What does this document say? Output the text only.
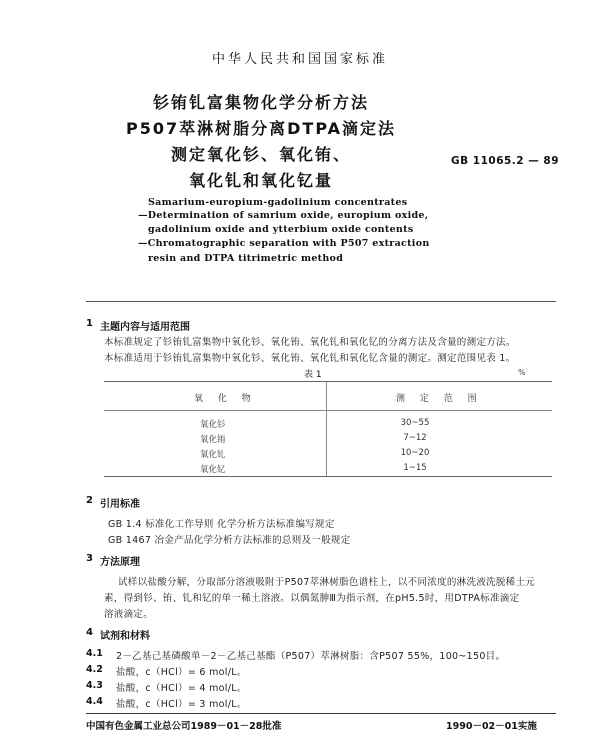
中华人民共和国国家标准
钐铕钆富集物化学分析方法
P507萃淋树脂分离DTPA滴定法
测定氧化钐、氧化铕、
氧化钆和氧化钇量
GB 11065.2 — 89
Samarium-europium-gadolinium concentrates
—Determination of samrium oxide, europium oxide,
gadolinium oxide and ytterbium oxide contents
—Chromatographic separation with P507 extraction
resin and DTPA titrimetric method
1 主题内容与适用范围
本标准规定了钐铕钆富集物中氧化钐、氧化铕、氧化钆和氧化钇的分离方法及含量的测定方法。
本标准适用于钐铕钆富集物中氧化钐、氧化铕、氧化钆和氧化钇含量的测定。测定范围见表 1。
表 1	%
氧 化 物	测 定 范 围
氧化钐	30~55
氧化铕	7~12
氧化钆	10~20
氧化钇	1~15
2 引用标准
GB 1.4 标准化工作导则 化学分析方法标准编写规定
GB 1467 冶金产品化学分析方法标准的总则及一般规定
3 方法原理
试样以盐酸分解，分取部分溶液吸附于P507萃淋树脂色谱柱上，以不同浓度的淋洗液洗脱稀土元
素，得到钐、铕、钆和钇的单一稀土溶液。以偶氮胂Ⅲ为指示剂，在pH5.5时，用DTPA标准滴定
溶液滴定。
4 试剂和材料
4.1 2－乙基己基磷酸单－2－乙基己基酯（P507）萃淋树脂：含P507 55%，100~150目。
4.2 盐酸，c（HCl）= 6 mol/L。
4.3 盐酸，c（HCl）= 4 mol/L。
4.4 盐酸，c（HCl）= 3 mol/L。
中国有色金属工业总公司1989－01－28批准	1990－02－01实施
